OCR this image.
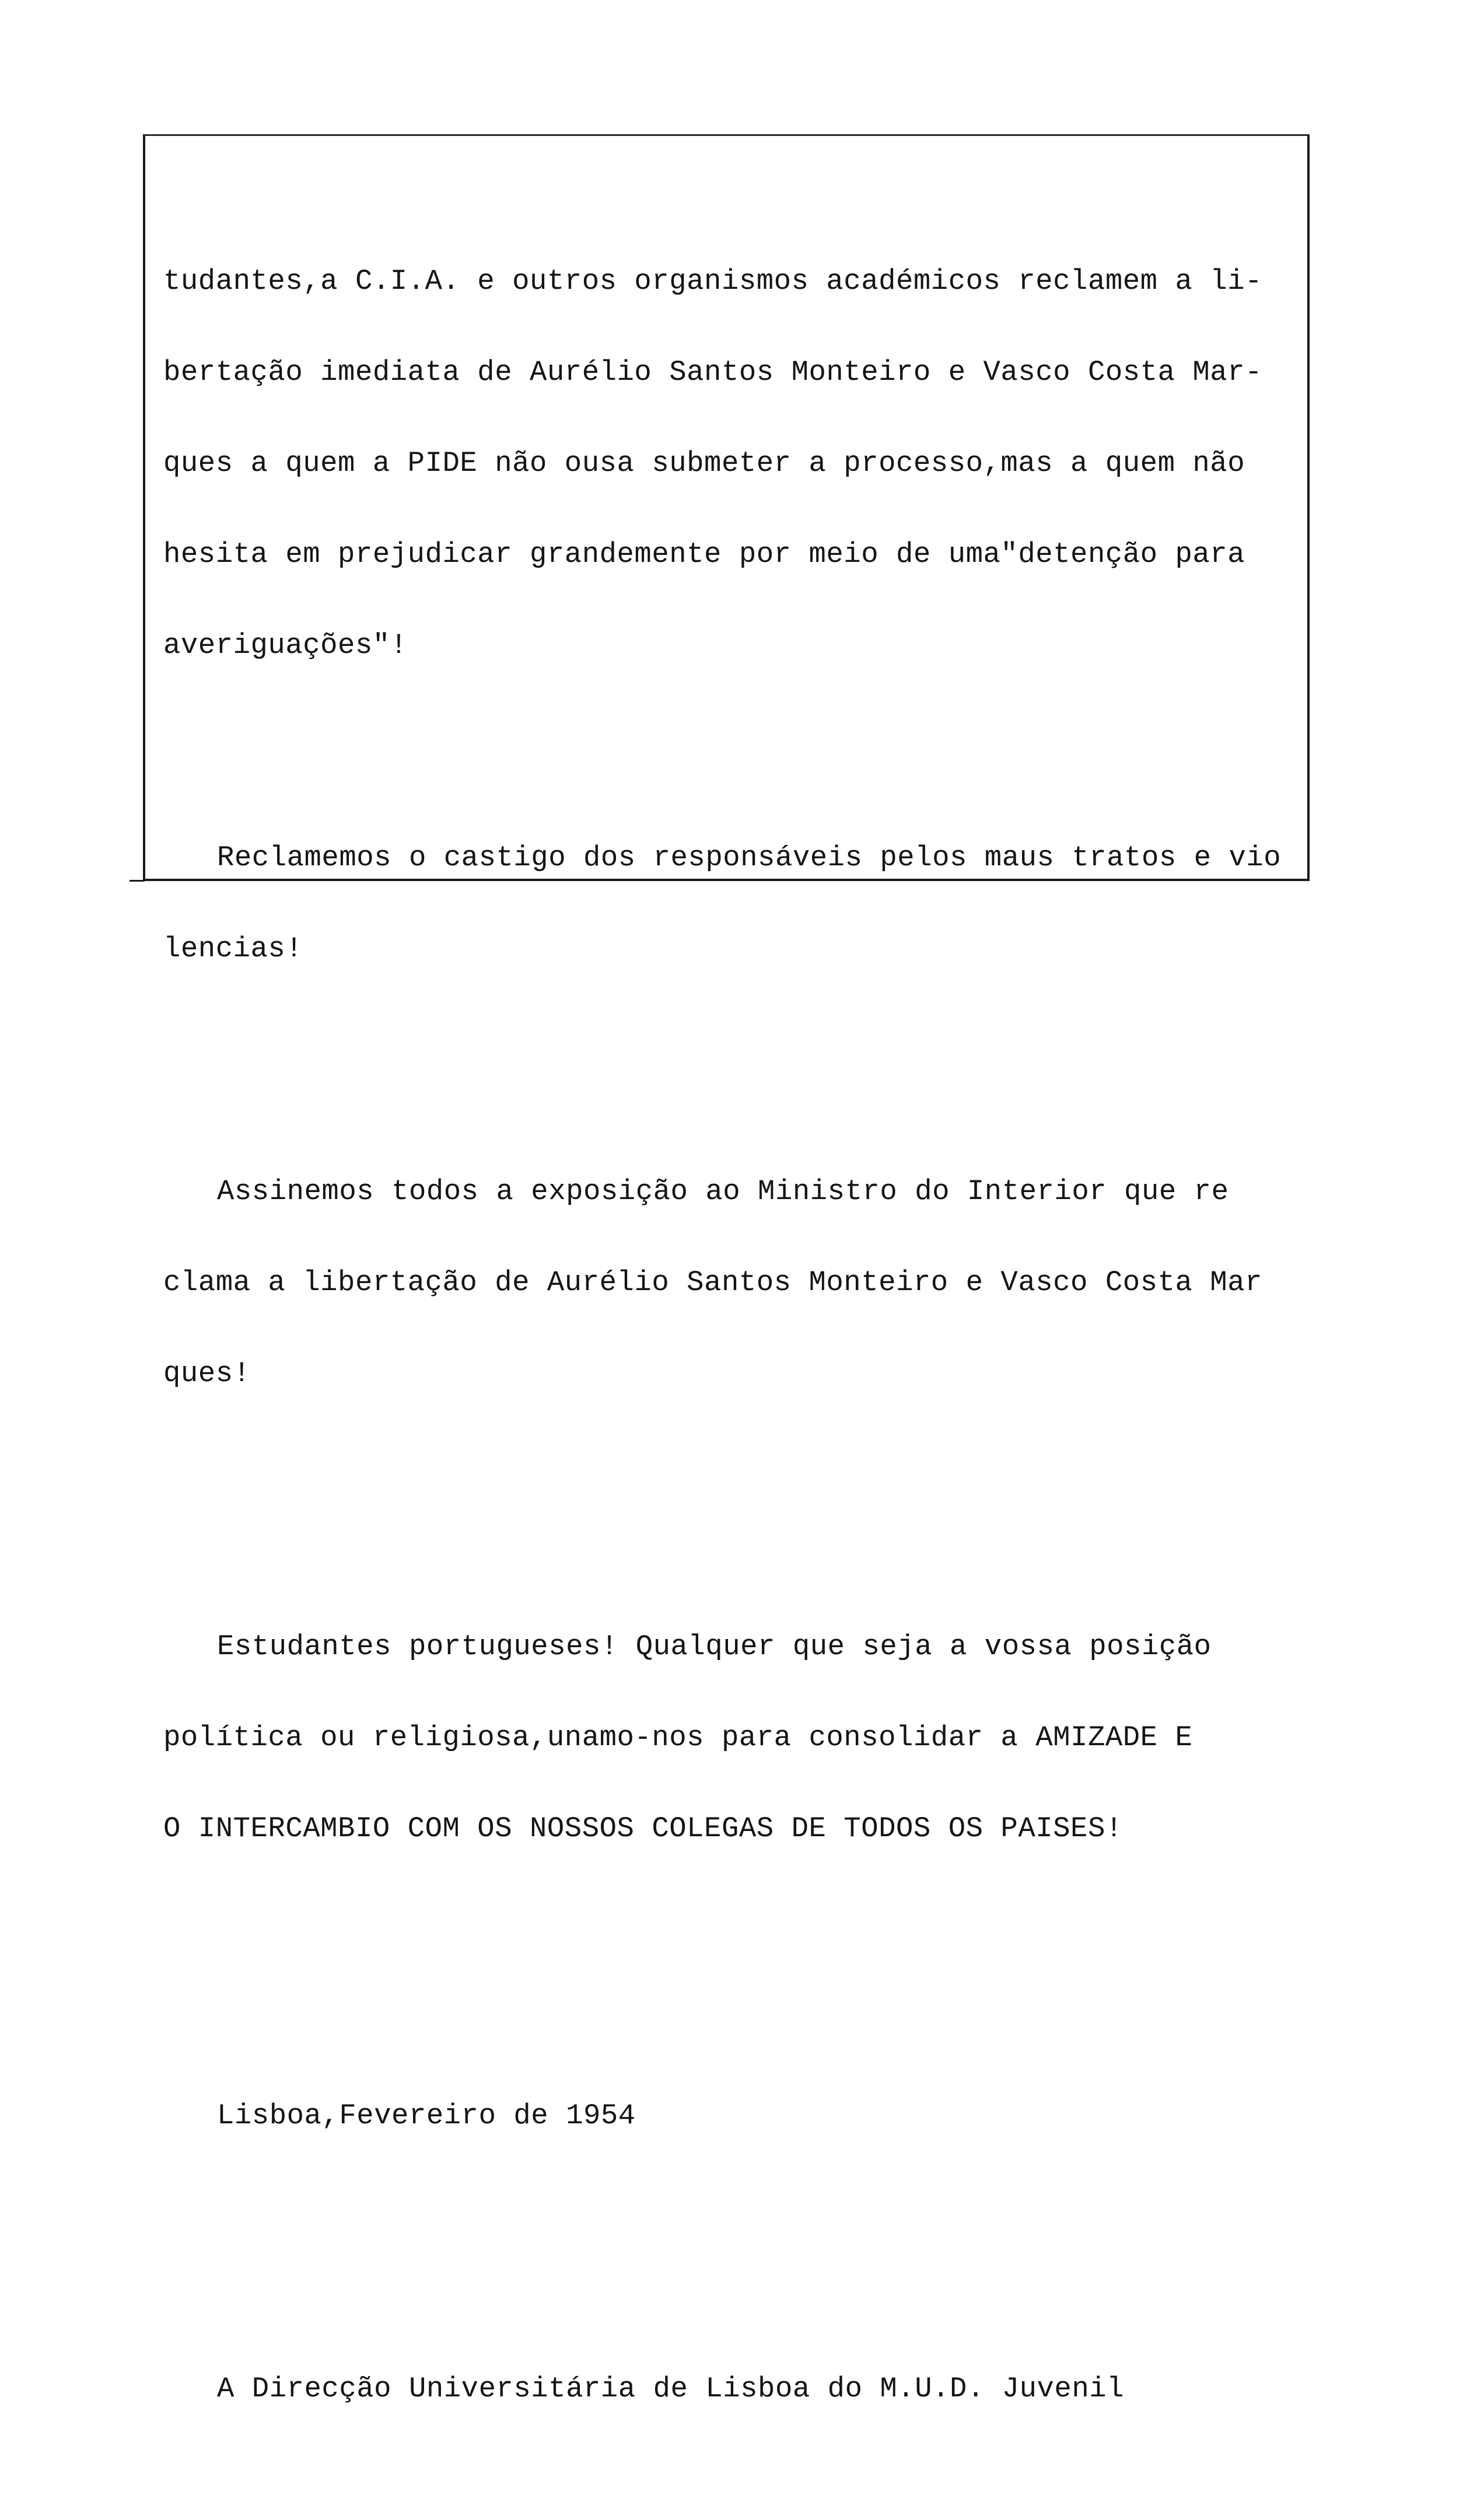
tudantes,a C.I.A. e outros organismos académicos reclamem a li-

bertação imediata de Aurélio Santos Monteiro e Vasco Costa Mar-

ques a quem a PIDE não ousa submeter a processo,mas a quem não

hesita em prejudicar grandemente por meio de uma"detenção para

averiguações"!

Reclamemos o castigo dos responsáveis pelos maus tratos e vio

lencias!

Assinemos todos a exposição ao Ministro do Interior que re

clama a libertação de Aurélio Santos Monteiro e Vasco Costa Mar

ques!

Estudantes portugueses! Qualquer que seja a vossa posição

política ou religiosa,unamo-nos para consolidar a AMIZADE E

O INTERCAMBIO COM OS NOSSOS COLEGAS DE TODOS OS PAISES!

Lisboa,Fevereiro de 1954

A Direcção Universitária de Lisboa do M.U.D. Juvenil
